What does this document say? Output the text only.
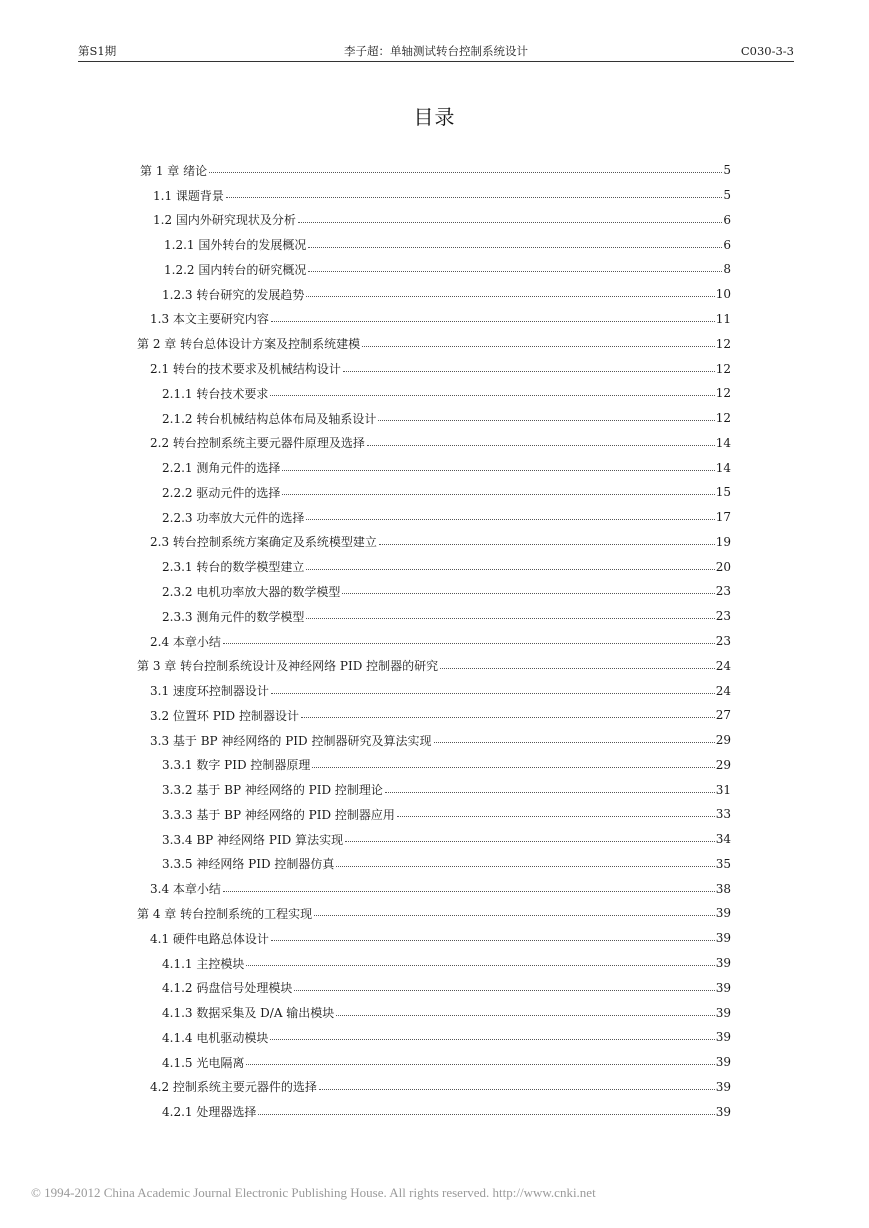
第S1期	李子超：单轴测试转台控制系统设计	C030-3-3
目录
第 1 章 绪论	5
1.1 课题背景	5
1.2 国内外研究现状及分析	6
1.2.1 国外转台的发展概况	6
1.2.2 国内转台的研究概况	8
1.2.3 转台研究的发展趋势	10
1.3 本文主要研究内容	11
第 2 章 转台总体设计方案及控制系统建模	12
2.1 转台的技术要求及机械结构设计	12
2.1.1 转台技术要求	12
2.1.2 转台机械结构总体布局及轴系设计	12
2.2 转台控制系统主要元器件原理及选择	14
2.2.1 测角元件的选择	14
2.2.2 驱动元件的选择	15
2.2.3 功率放大元件的选择	17
2.3 转台控制系统方案确定及系统模型建立	19
2.3.1 转台的数学模型建立	20
2.3.2 电机功率放大器的数学模型	23
2.3.3 测角元件的数学模型	23
2.4 本章小结	23
第 3 章 转台控制系统设计及神经网络 PID 控制器的研究	24
3.1 速度环控制器设计	24
3.2 位置环 PID 控制器设计	27
3.3 基于 BP 神经网络的 PID 控制器研究及算法实现	29
3.3.1 数字 PID 控制器原理	29
3.3.2 基于 BP 神经网络的 PID 控制理论	31
3.3.3 基于 BP 神经网络的 PID 控制器应用	33
3.3.4 BP 神经网络 PID 算法实现	34
3.3.5 神经网络 PID 控制器仿真	35
3.4 本章小结	38
第 4 章 转台控制系统的工程实现	39
4.1 硬件电路总体设计	39
4.1.1 主控模块	39
4.1.2 码盘信号处理模块	39
4.1.3 数据采集及 D/A 输出模块	39
4.1.4 电机驱动模块	39
4.1.5 光电隔离	39
4.2 控制系统主要元器件的选择	39
4.2.1 处理器选择	39
© 1994-2012 China Academic Journal Electronic Publishing House. All rights reserved. http://www.cnki.net
